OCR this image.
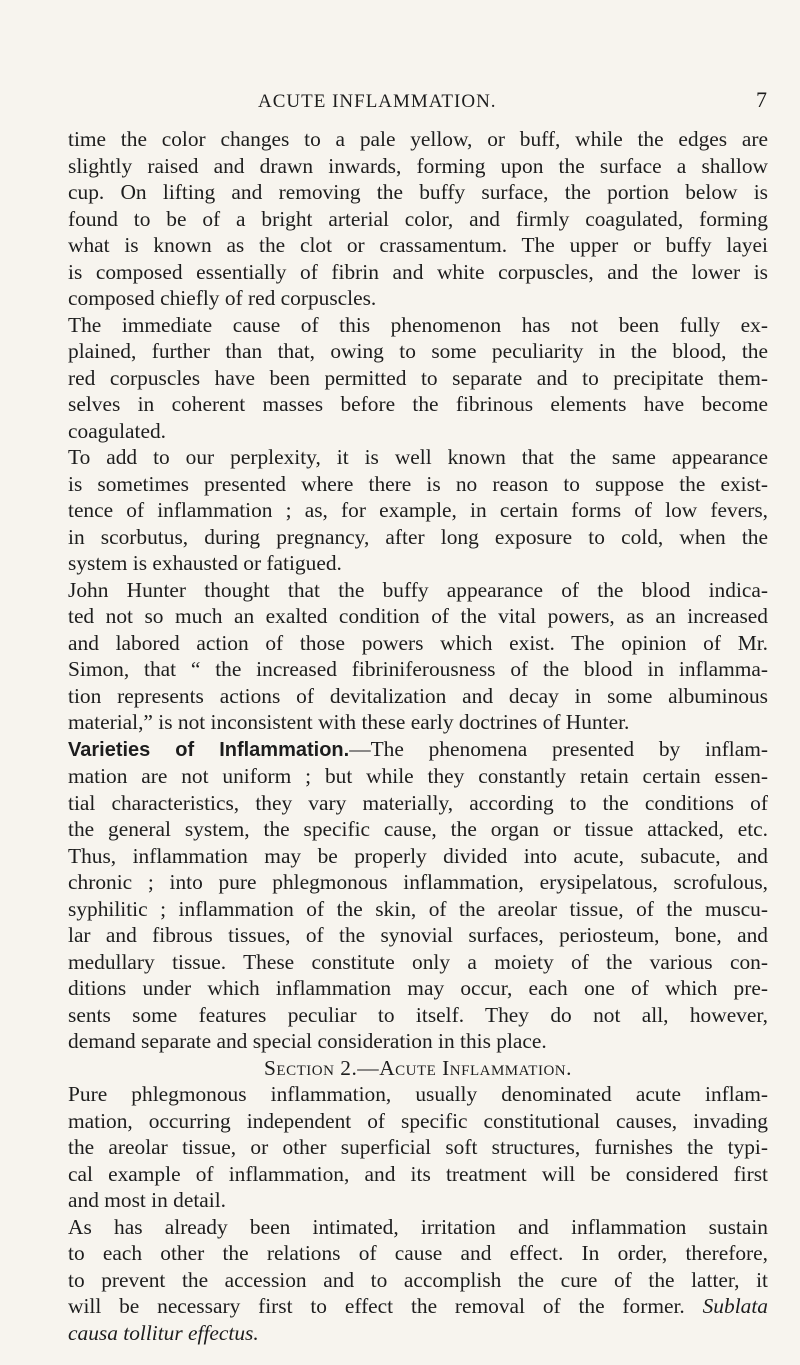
ACUTE INFLAMMATION.	7
time the color changes to a pale yellow, or buff, while the edges are
slightly raised and drawn inwards, forming upon the surface a shallow
cup. On lifting and removing the buffy surface, the portion below is
found to be of a bright arterial color, and firmly coagulated, forming
what is known as the clot or crassamentum. The upper or buffy layei
is composed essentially of fibrin and white corpuscles, and the lower is
composed chiefly of red corpuscles.
The immediate cause of this phenomenon has not been fully ex-
plained, further than that, owing to some peculiarity in the blood, the
red corpuscles have been permitted to separate and to precipitate them-
selves in coherent masses before the fibrinous elements have become
coagulated.
To add to our perplexity, it is well known that the same appearance
is sometimes presented where there is no reason to suppose the exist-
tence of inflammation ; as, for example, in certain forms of low fevers,
in scorbutus, during pregnancy, after long exposure to cold, when the
system is exhausted or fatigued.
John Hunter thought that the buffy appearance of the blood indica-
ted not so much an exalted condition of the vital powers, as an increased
and labored action of those powers which exist. The opinion of Mr.
Simon, that “ the increased fibriniferousness of the blood in inflamma-
tion represents actions of devitalization and decay in some albuminous
material,” is not inconsistent with these early doctrines of Hunter.
Varieties of Inflammation.—The phenomena presented by inflam-
mation are not uniform ; but while they constantly retain certain essen-
tial characteristics, they vary materially, according to the conditions of
the general system, the specific cause, the organ or tissue attacked, etc.
Thus, inflammation may be properly divided into acute, subacute, and
chronic ; into pure phlegmonous inflammation, erysipelatous, scrofulous,
syphilitic ; inflammation of the skin, of the areolar tissue, of the muscu-
lar and fibrous tissues, of the synovial surfaces, periosteum, bone, and
medullary tissue. These constitute only a moiety of the various con-
ditions under which inflammation may occur, each one of which pre-
sents some features peculiar to itself. They do not all, however,
demand separate and special consideration in this place.
Section 2.—Acute Inflammation.
Pure phlegmonous inflammation, usually denominated acute inflam-
mation, occurring independent of specific constitutional causes, invading
the areolar tissue, or other superficial soft structures, furnishes the typi-
cal example of inflammation, and its treatment will be considered first
and most in detail.
As has already been intimated, irritation and inflammation sustain
to each other the relations of cause and effect. In order, therefore,
to prevent the accession and to accomplish the cure of the latter, it
will be necessary first to effect the removal of the former. Sublata
causa tollitur effectus.
